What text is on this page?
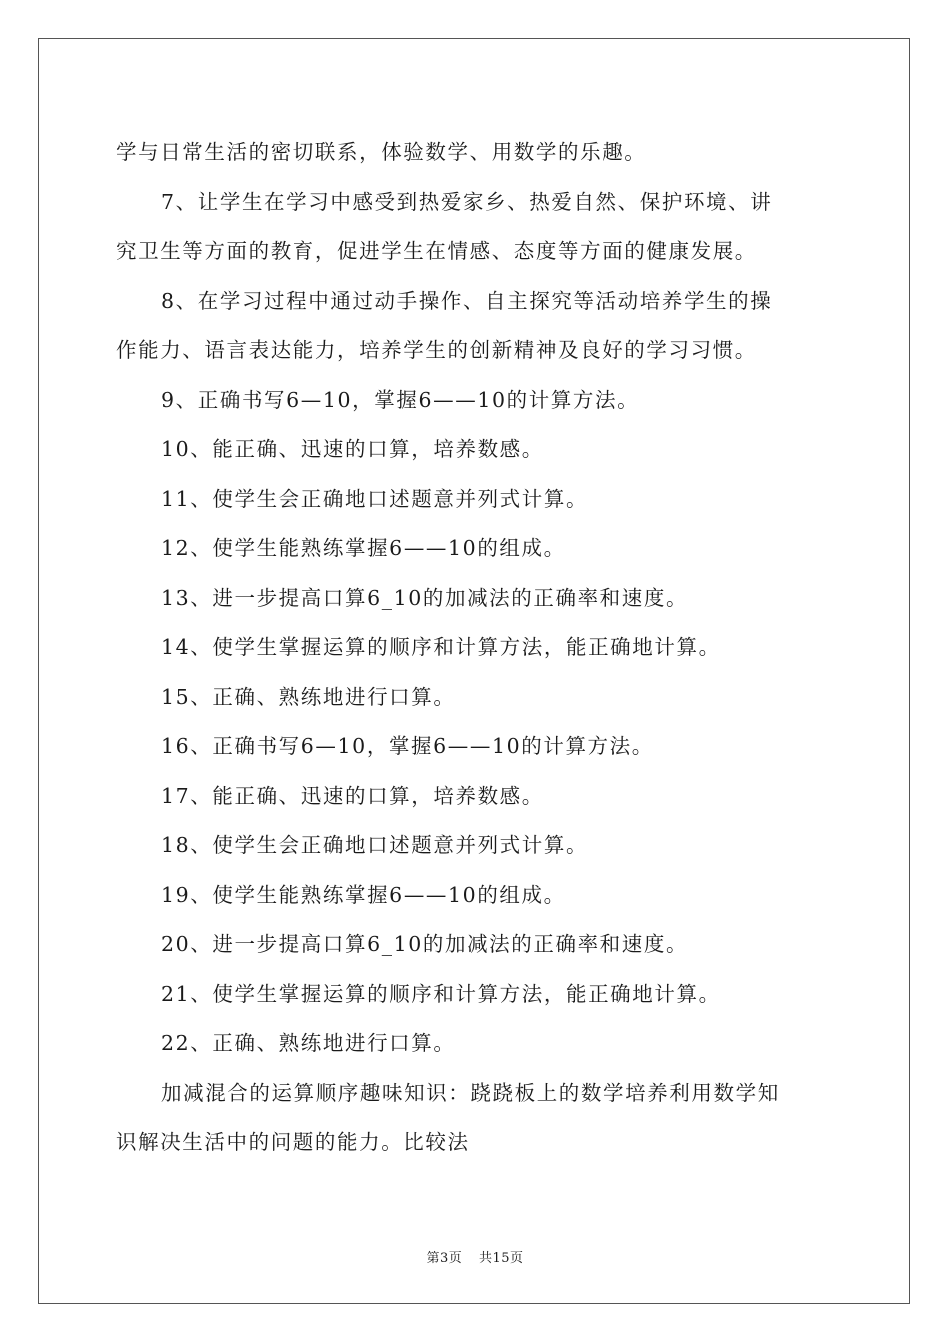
学与日常生活的密切联系，体验数学、用数学的乐趣。
7、让学生在学习中感受到热爱家乡、热爱自然、保护环境、讲
究卫生等方面的教育，促进学生在情感、态度等方面的健康发展。
8、在学习过程中通过动手操作、自主探究等活动培养学生的操
作能力、语言表达能力，培养学生的创新精神及良好的学习习惯。
9、正确书写6—10，掌握6——10的计算方法。
10、能正确、迅速的口算，培养数感。
11、使学生会正确地口述题意并列式计算。
12、使学生能熟练掌握6——10的组成。
13、进一步提高口算6_10的加减法的正确率和速度。
14、使学生掌握运算的顺序和计算方法，能正确地计算。
15、正确、熟练地进行口算。
16、正确书写6—10，掌握6——10的计算方法。
17、能正确、迅速的口算，培养数感。
18、使学生会正确地口述题意并列式计算。
19、使学生能熟练掌握6——10的组成。
20、进一步提高口算6_10的加减法的正确率和速度。
21、使学生掌握运算的顺序和计算方法，能正确地计算。
22、正确、熟练地进行口算。
加减混合的运算顺序趣味知识：跷跷板上的数学培养利用数学知
识解决生活中的问题的能力。比较法
第3页 共15页
